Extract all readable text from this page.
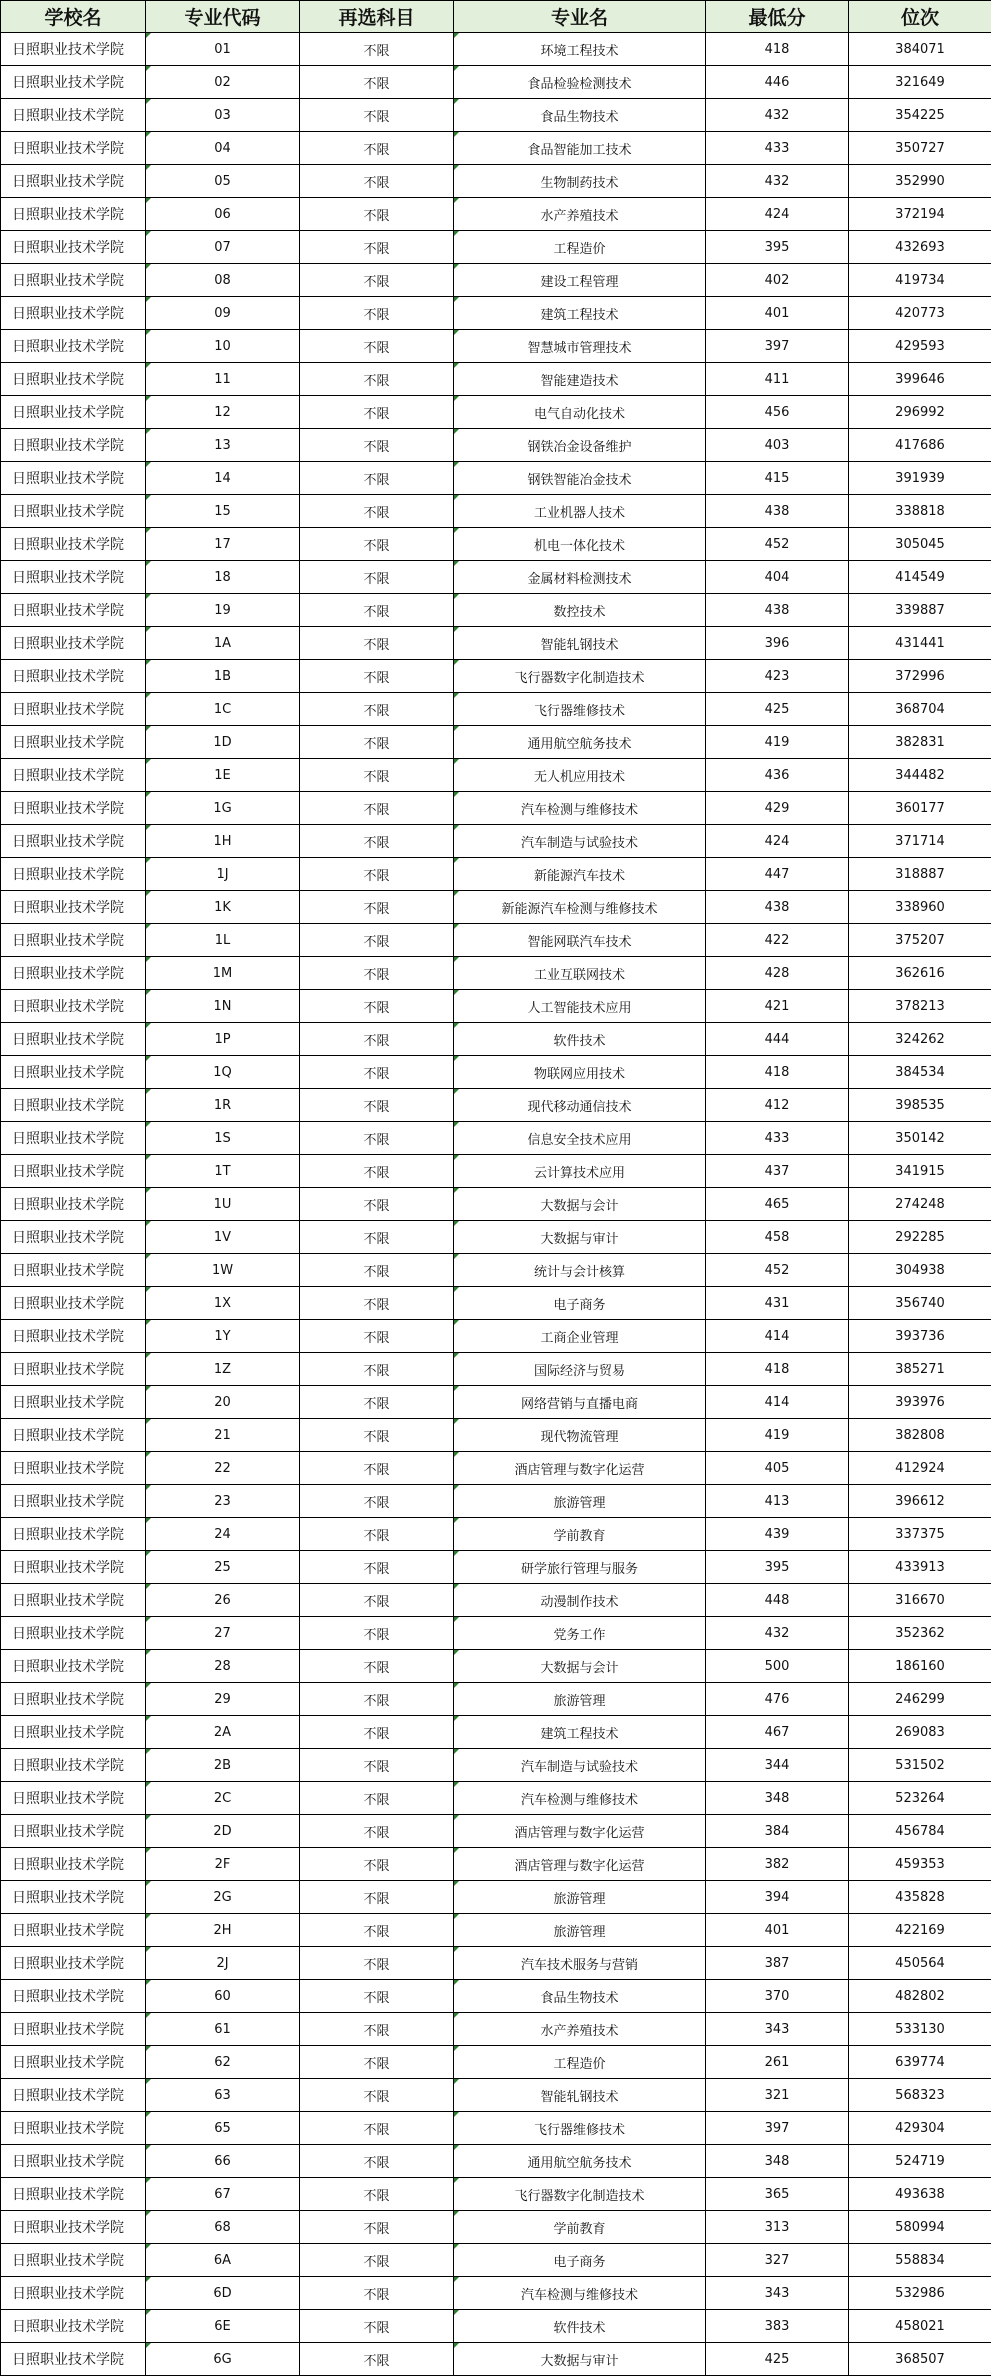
学校名	专业代码	再选科目	专业名	最低分	位次
日照职业技术学院	01	不限	环境工程技术	418	384071
日照职业技术学院	02	不限	食品检验检测技术	446	321649
日照职业技术学院	03	不限	食品生物技术	432	354225
日照职业技术学院	04	不限	食品智能加工技术	433	350727
日照职业技术学院	05	不限	生物制药技术	432	352990
日照职业技术学院	06	不限	水产养殖技术	424	372194
日照职业技术学院	07	不限	工程造价	395	432693
日照职业技术学院	08	不限	建设工程管理	402	419734
日照职业技术学院	09	不限	建筑工程技术	401	420773
日照职业技术学院	10	不限	智慧城市管理技术	397	429593
日照职业技术学院	11	不限	智能建造技术	411	399646
日照职业技术学院	12	不限	电气自动化技术	456	296992
日照职业技术学院	13	不限	钢铁冶金设备维护	403	417686
日照职业技术学院	14	不限	钢铁智能冶金技术	415	391939
日照职业技术学院	15	不限	工业机器人技术	438	338818
日照职业技术学院	17	不限	机电一体化技术	452	305045
日照职业技术学院	18	不限	金属材料检测技术	404	414549
日照职业技术学院	19	不限	数控技术	438	339887
日照职业技术学院	1A	不限	智能轧钢技术	396	431441
日照职业技术学院	1B	不限	飞行器数字化制造技术	423	372996
日照职业技术学院	1C	不限	飞行器维修技术	425	368704
日照职业技术学院	1D	不限	通用航空航务技术	419	382831
日照职业技术学院	1E	不限	无人机应用技术	436	344482
日照职业技术学院	1G	不限	汽车检测与维修技术	429	360177
日照职业技术学院	1H	不限	汽车制造与试验技术	424	371714
日照职业技术学院	1J	不限	新能源汽车技术	447	318887
日照职业技术学院	1K	不限	新能源汽车检测与维修技术	438	338960
日照职业技术学院	1L	不限	智能网联汽车技术	422	375207
日照职业技术学院	1M	不限	工业互联网技术	428	362616
日照职业技术学院	1N	不限	人工智能技术应用	421	378213
日照职业技术学院	1P	不限	软件技术	444	324262
日照职业技术学院	1Q	不限	物联网应用技术	418	384534
日照职业技术学院	1R	不限	现代移动通信技术	412	398535
日照职业技术学院	1S	不限	信息安全技术应用	433	350142
日照职业技术学院	1T	不限	云计算技术应用	437	341915
日照职业技术学院	1U	不限	大数据与会计	465	274248
日照职业技术学院	1V	不限	大数据与审计	458	292285
日照职业技术学院	1W	不限	统计与会计核算	452	304938
日照职业技术学院	1X	不限	电子商务	431	356740
日照职业技术学院	1Y	不限	工商企业管理	414	393736
日照职业技术学院	1Z	不限	国际经济与贸易	418	385271
日照职业技术学院	20	不限	网络营销与直播电商	414	393976
日照职业技术学院	21	不限	现代物流管理	419	382808
日照职业技术学院	22	不限	酒店管理与数字化运营	405	412924
日照职业技术学院	23	不限	旅游管理	413	396612
日照职业技术学院	24	不限	学前教育	439	337375
日照职业技术学院	25	不限	研学旅行管理与服务	395	433913
日照职业技术学院	26	不限	动漫制作技术	448	316670
日照职业技术学院	27	不限	党务工作	432	352362
日照职业技术学院	28	不限	大数据与会计	500	186160
日照职业技术学院	29	不限	旅游管理	476	246299
日照职业技术学院	2A	不限	建筑工程技术	467	269083
日照职业技术学院	2B	不限	汽车制造与试验技术	344	531502
日照职业技术学院	2C	不限	汽车检测与维修技术	348	523264
日照职业技术学院	2D	不限	酒店管理与数字化运营	384	456784
日照职业技术学院	2F	不限	酒店管理与数字化运营	382	459353
日照职业技术学院	2G	不限	旅游管理	394	435828
日照职业技术学院	2H	不限	旅游管理	401	422169
日照职业技术学院	2J	不限	汽车技术服务与营销	387	450564
日照职业技术学院	60	不限	食品生物技术	370	482802
日照职业技术学院	61	不限	水产养殖技术	343	533130
日照职业技术学院	62	不限	工程造价	261	639774
日照职业技术学院	63	不限	智能轧钢技术	321	568323
日照职业技术学院	65	不限	飞行器维修技术	397	429304
日照职业技术学院	66	不限	通用航空航务技术	348	524719
日照职业技术学院	67	不限	飞行器数字化制造技术	365	493638
日照职业技术学院	68	不限	学前教育	313	580994
日照职业技术学院	6A	不限	电子商务	327	558834
日照职业技术学院	6D	不限	汽车检测与维修技术	343	532986
日照职业技术学院	6E	不限	软件技术	383	458021
日照职业技术学院	6G	不限	大数据与审计	425	368507
